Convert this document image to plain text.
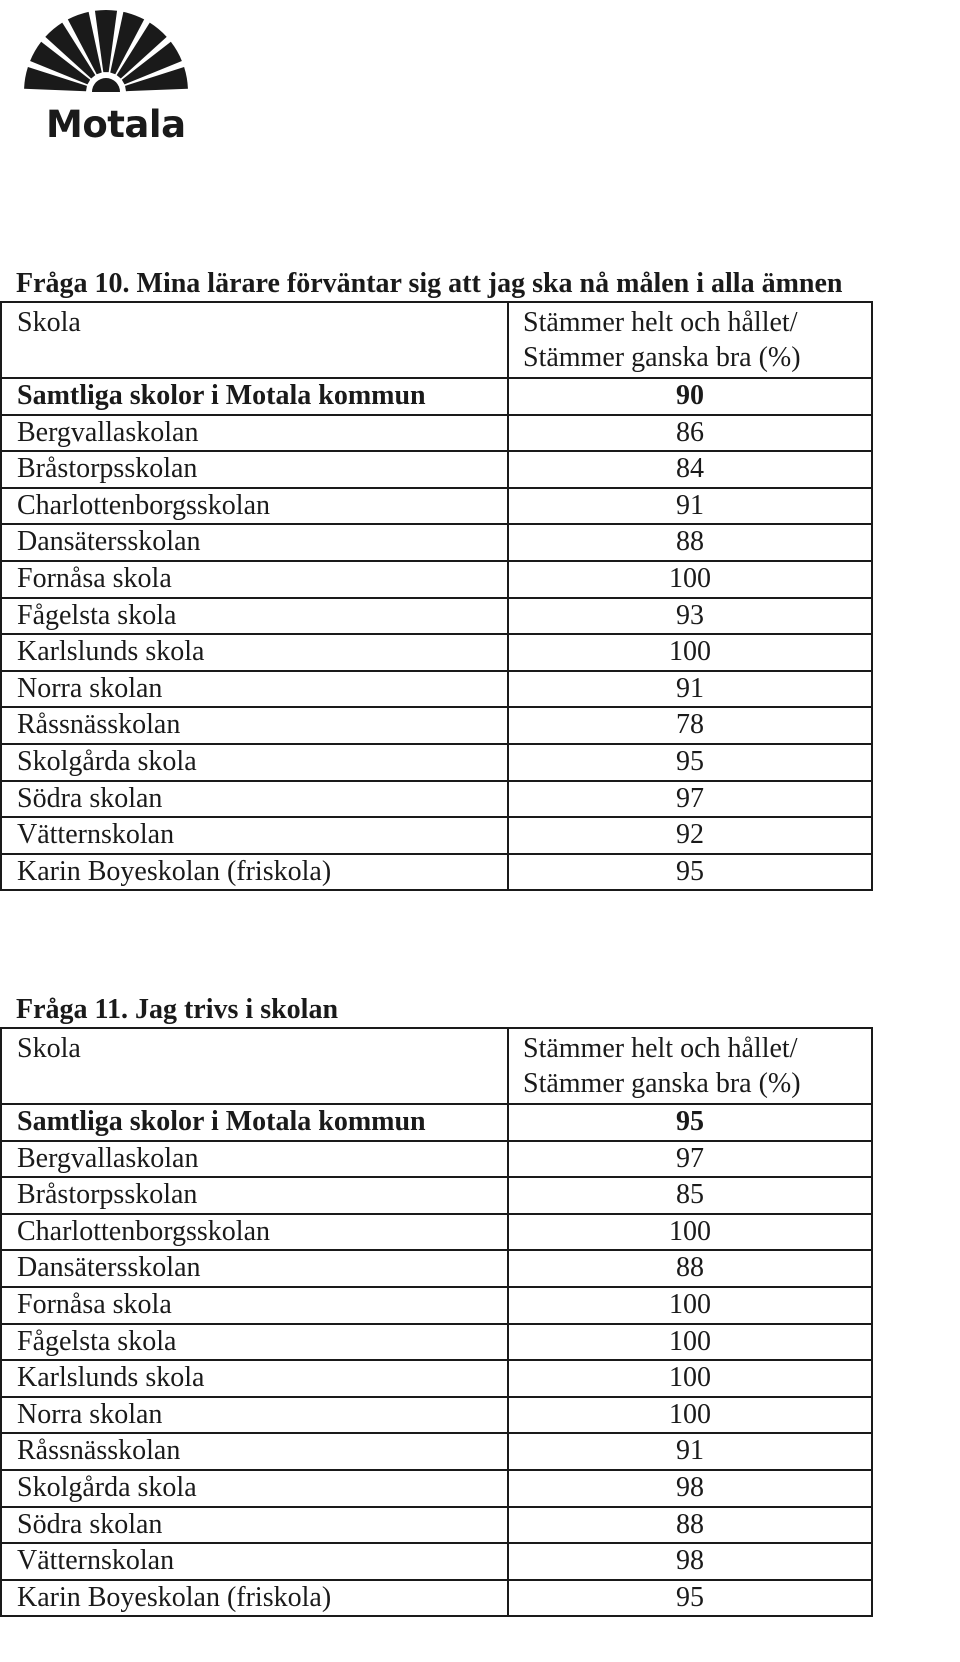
Motala
Fråga 10. Mina lärare förväntar sig att jag ska nå målen i alla ämnen
Skola	Stämmer helt och hållet/
Stämmer ganska bra (%)

Samtliga skolor i Motala kommun	90
Bergvallaskolan	86
Bråstorpsskolan	84
Charlottenborgsskolan	91
Dansätersskolan	88
Fornåsa skola	100
Fågelsta skola	93
Karlslunds skola	100
Norra skolan	91
Råssnässkolan	78
Skolgårda skola	95
Södra skolan	97
Vätternskolan	92
Karin Boyeskolan (friskola)	95
Fråga 11. Jag trivs i skolan
Skola	Stämmer helt och hållet/
Stämmer ganska bra (%)

Samtliga skolor i Motala kommun	95
Bergvallaskolan	97
Bråstorpsskolan	85
Charlottenborgsskolan	100
Dansätersskolan	88
Fornåsa skola	100
Fågelsta skola	100
Karlslunds skola	100
Norra skolan	100
Råssnässkolan	91
Skolgårda skola	98
Södra skolan	88
Vätternskolan	98
Karin Boyeskolan (friskola)	95
